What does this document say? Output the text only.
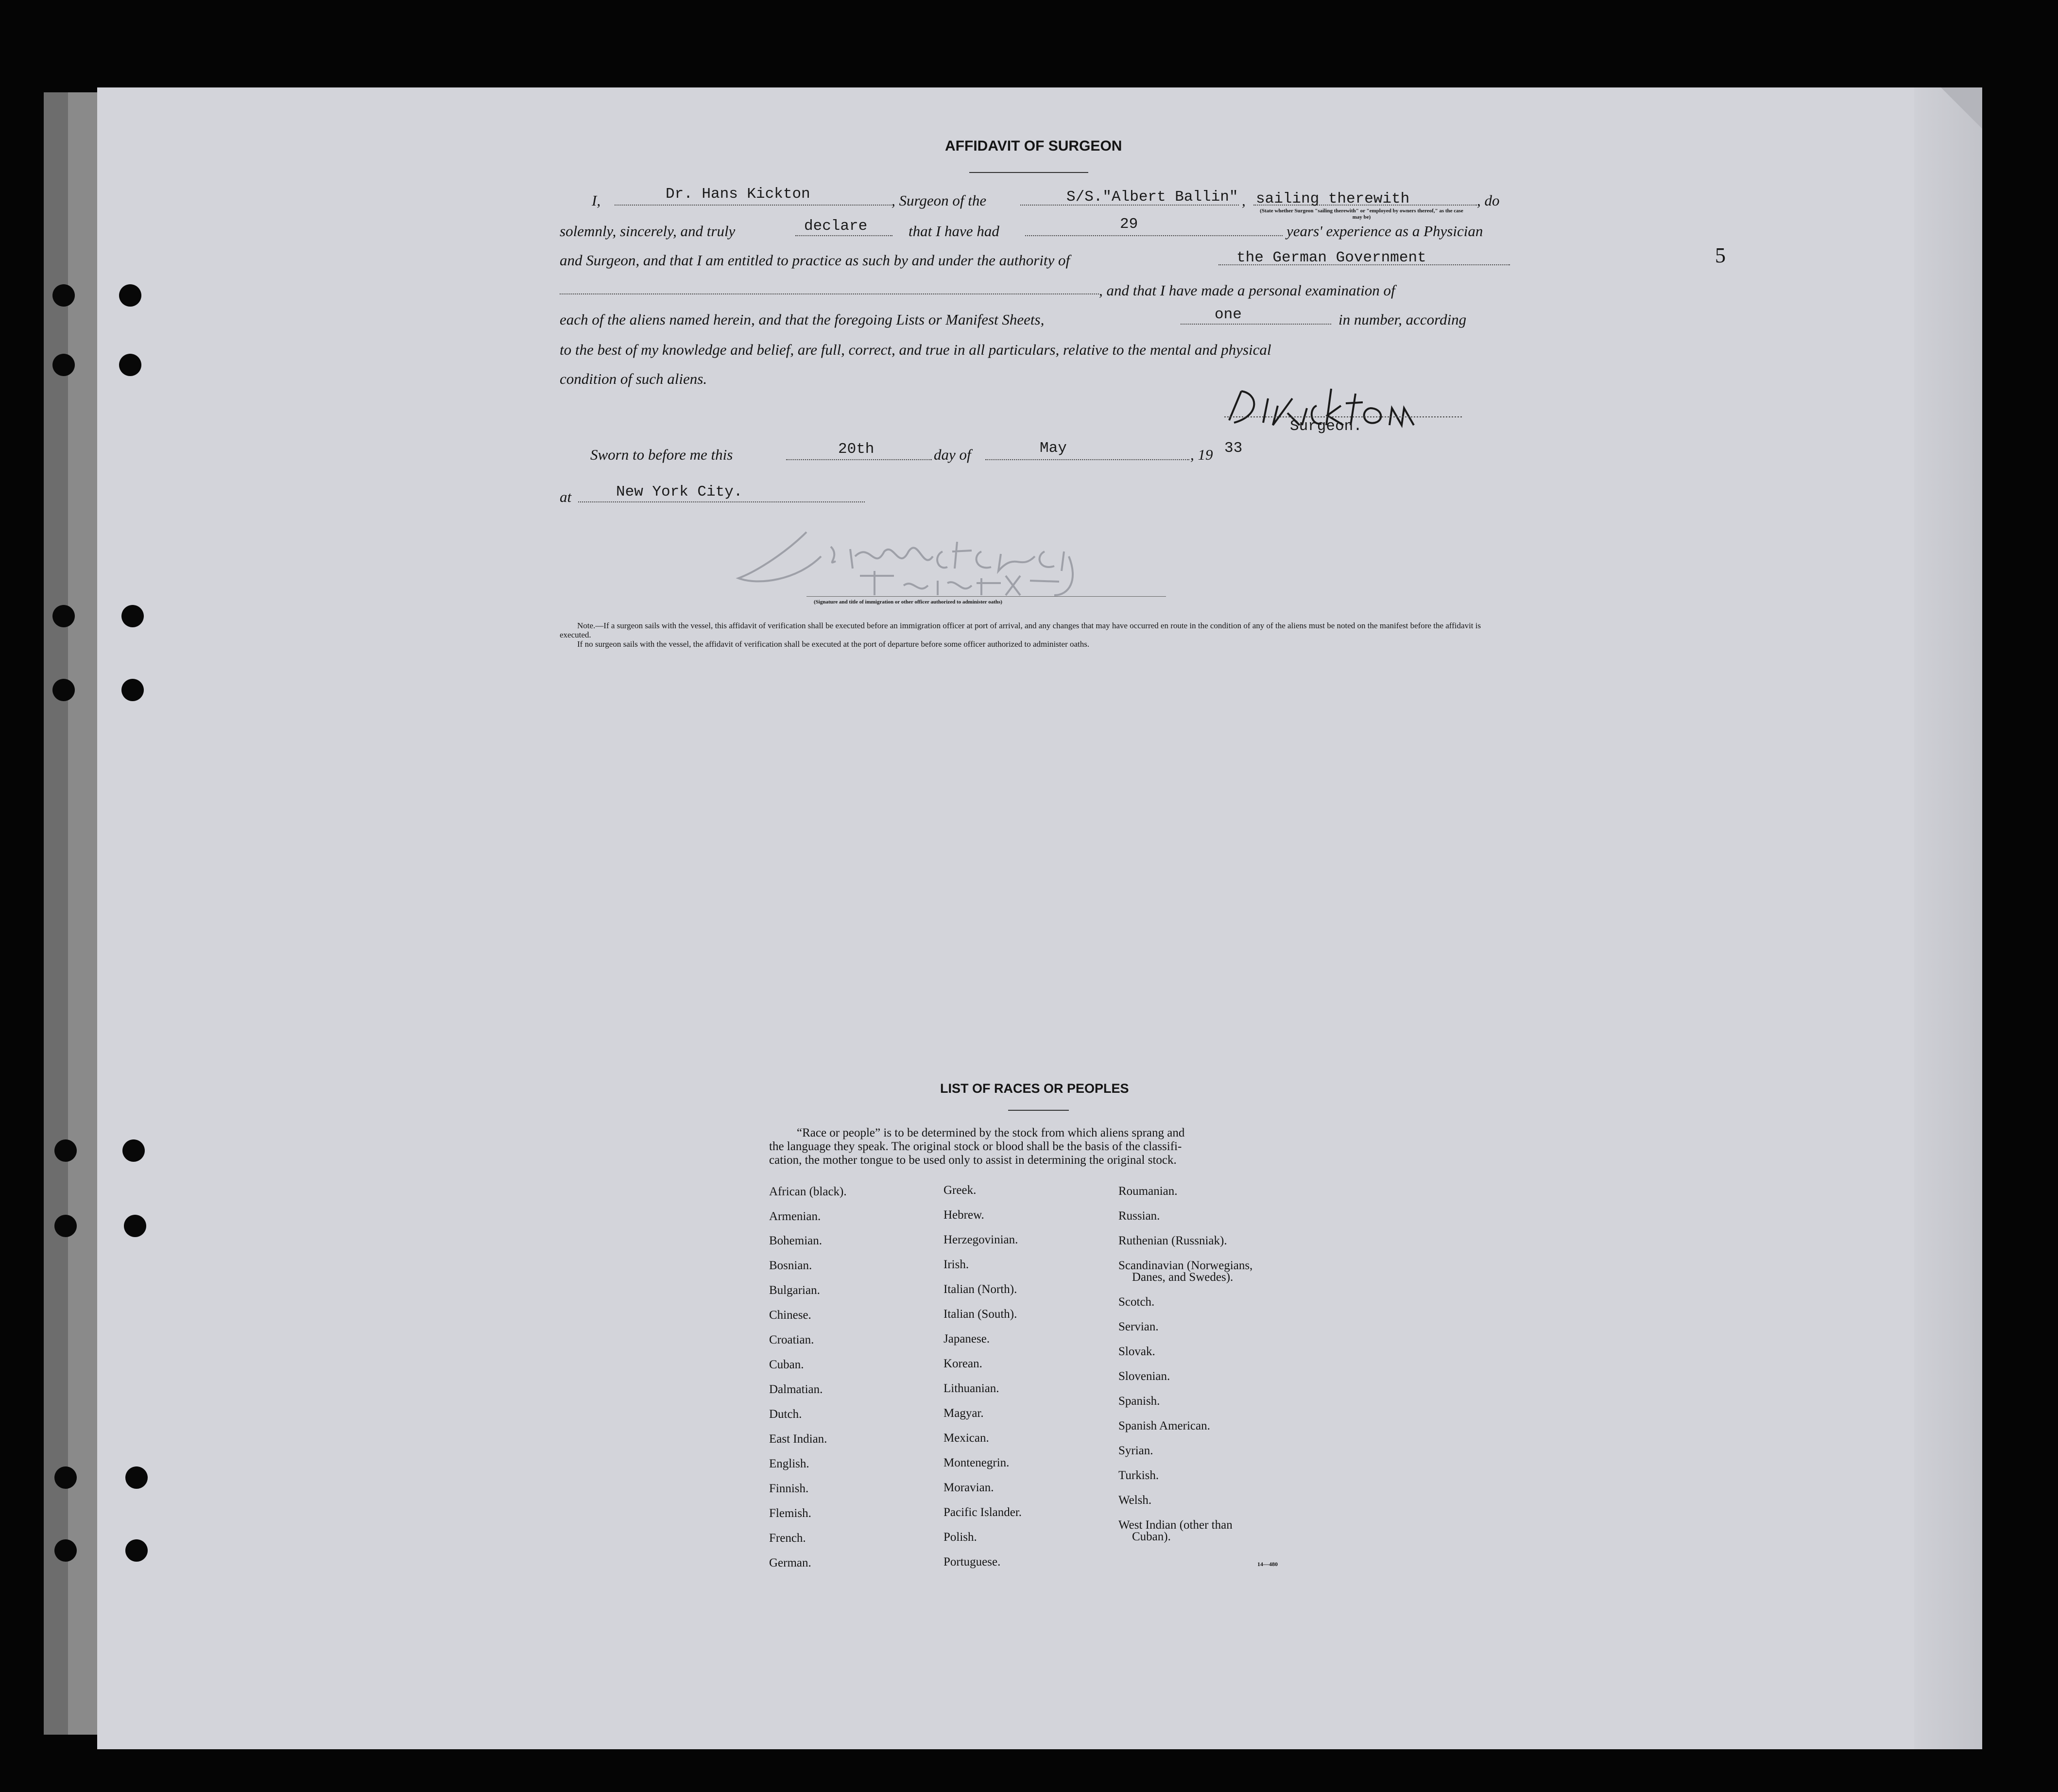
5
AFFIDAVIT OF SURGEON
I,	Dr. Hans Kickton	, Surgeon of the	S/S."Albert Ballin" , sailing therewith
(State whether Surgeon "sailing therewith" or "employed by owners thereof," as the case may be)
, do
solemnly, sincerely, and truly	declare	that I have had	29	years' experience as a Physician
and Surgeon, and that I am entitled to practice as such by and under the authority of	the German Government
, and that I have made a personal examination of
each of the aliens named herein, and that the foregoing Lists or Manifest Sheets,	one	in number, according
to the best of my knowledge and belief, are full, correct, and true in all particulars, relative to the mental and physical
condition of such aliens.
Surgeon.
Sworn to before me this	20th	day of	May	, 19 33
at	New York City.
(Signature and title of immigration or other officer authorized to administer oaths)
Note.—If a surgeon sails with the vessel, this affidavit of verification shall be executed before an immigration officer at port of arrival, and any changes that may have occurred en route in the condition of any of the aliens must be noted on the manifest before the affidavit is executed.
If no surgeon sails with the vessel, the affidavit of verification shall be executed at the port of departure before some officer authorized to administer oaths.
LIST OF RACES OR PEOPLES
“Race or people” is to be determined by the stock from which aliens sprang and
the language they speak. The original stock or blood shall be the basis of the classifi-
cation, the mother tongue to be used only to assist in determining the original stock.
African (black).
Armenian.
Bohemian.
Bosnian.
Bulgarian.
Chinese.
Croatian.
Cuban.
Dalmatian.
Dutch.
East Indian.
English.
Finnish.
Flemish.
French.
German.
Greek.
Hebrew.
Herzegovinian.
Irish.
Italian (North).
Italian (South).
Japanese.
Korean.
Lithuanian.
Magyar.
Mexican.
Montenegrin.
Moravian.
Pacific Islander.
Polish.
Portuguese.
Roumanian.
Russian.
Ruthenian (Russniak).
Scandinavian (Norwegians,
Danes, and Swedes).
Scotch.
Servian.
Slovak.
Slovenian.
Spanish.
Spanish American.
Syrian.
Turkish.
Welsh.
West Indian (other than
Cuban).
14—480
